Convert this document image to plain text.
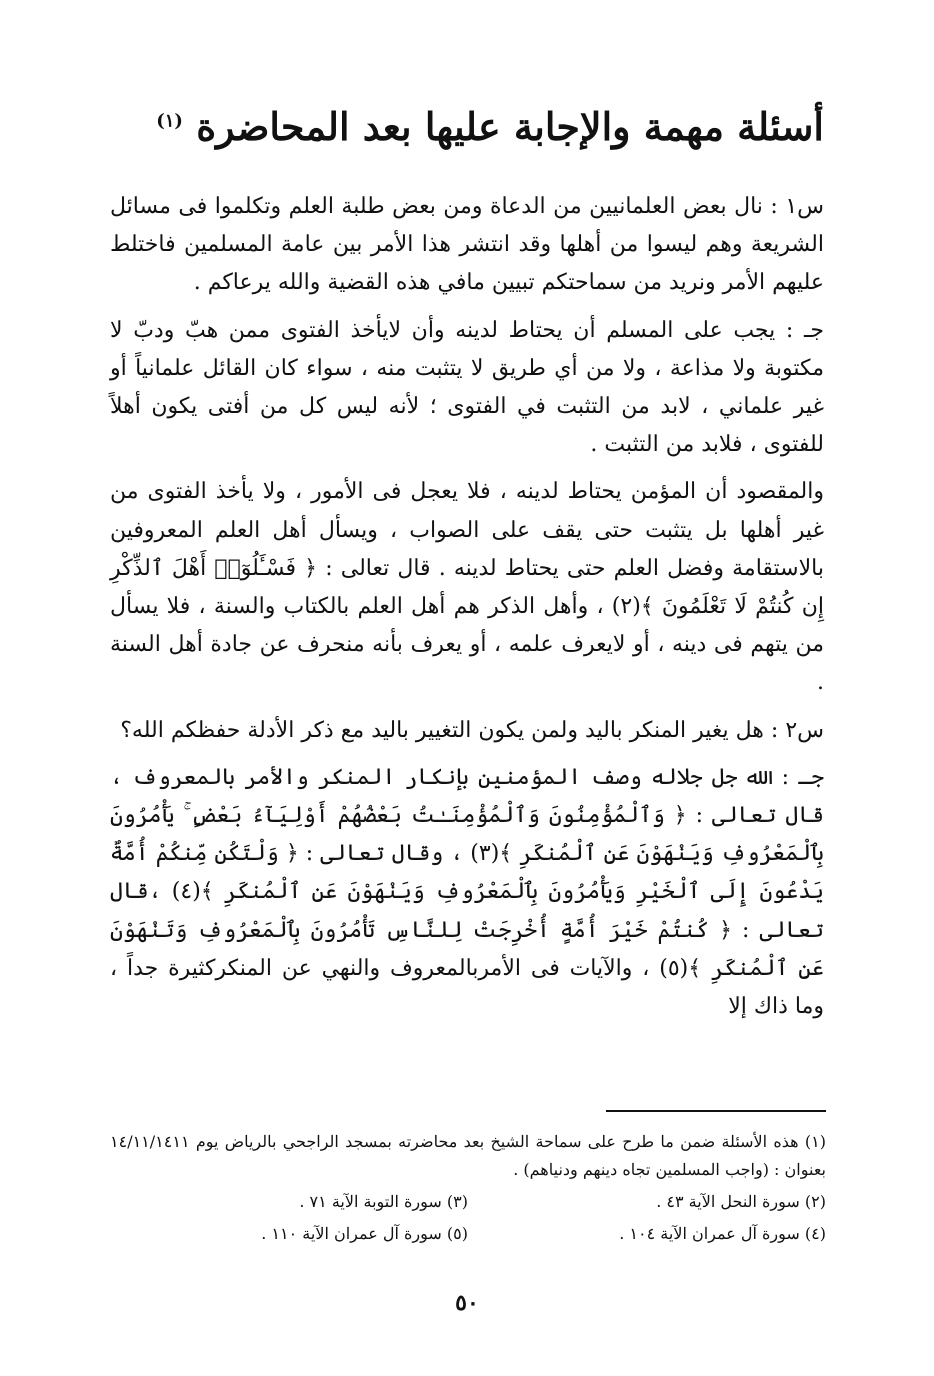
أسئلة مهمة والإجابة عليها بعد المحاضرة $^{(١)}$

س١ : نال بعض العلمانيين من الدعاة ومن بعض طلبة العلم وتكلموا فى مسائل الشريعة وهم ليسوا من أهلها وقد انتشر هذا الأمر بين عامة المسلمين فاختلط عليهم الأمر ونريد من سماحتكم تبيين مافي هذه القضية والله يرعاكم .

جـ : يجب على المسلم أن يحتاط لدينه وأن لايأخذ الفتوى ممن هبّ ودبّ لا مكتوبة ولا مذاعة ، ولا من أي طريق لا يتثبت منه ، سواء كان القائل علمانياً أو غير علماني ، لابد من التثبت في الفتوى ؛ لأنه ليس كل من أفتى يكون أهلاً للفتوى ، فلابد من التثبت .

والمقصود أن المؤمن يحتاط لدينه ، فلا يعجل فى الأمور ، ولا يأخذ الفتوى من غير أهلها بل يتثبت حتى يقف على الصواب ، ويسأل أهل العلم المعروفين بالاستقامة وفضل العلم حتى يحتاط لدينه . قال تعالى : ﴿ فَسْـَٔلُوٓا۟ أَهْلَ ٱلذِّكْرِ إِن كُنتُمْ لَا تَعْلَمُونَ ﴾(٢) ، وأهل الذكر هم أهل العلم بالكتاب والسنة ، فلا يسأل من يتهم فى دينه ، أو لايعرف علمه ، أو يعرف بأنه منحرف عن جادة أهل السنة .

س٢ : هل يغير المنكر باليد ولمن يكون التغيير باليد مع ذكر الأدلة حفظكم الله؟

جـ : الله جل جلاله وصف المؤمنين بإنكار المنكر والأمر بالمعروف ، قال تعالى : ﴿ وَٱلْمُؤْمِنُونَ وَٱلْمُؤْمِنَـٰتُ بَعْضُهُمْ أَوْلِيَآءُ بَعْضٍ ۚ يَأْمُرُونَ بِٱلْمَعْرُوفِ وَيَنْهَوْنَ عَنِ ٱلْمُنكَرِ ﴾(٣) ، وقال تعالى : ﴿ وَلْتَكُن مِّنكُمْ أُمَّةٌ يَدْعُونَ إِلَى ٱلْخَيْرِ وَيَأْمُرُونَ بِٱلْمَعْرُوفِ وَيَنْهَوْنَ عَنِ ٱلْمُنكَرِ ﴾(٤) ،قال تعالى : ﴿ كُنتُمْ خَيْرَ أُمَّةٍ أُخْرِجَتْ لِلنَّاسِ تَأْمُرُونَ بِٱلْمَعْرُوفِ وَتَنْهَوْنَ عَنِ ٱلْمُنكَرِ ﴾(٥) ، والآيات فى الأمربالمعروف والنهي عن المنكركثيرة جداً ، وما ذاك إلا

(١) هذه الأسئلة ضمن ما طرح على سماحة الشيخ بعد محاضرته بمسجد الراجحي بالرياض يوم ١٤/١١/١٤١١ بعنوان : (واجب المسلمين تجاه دينهم ودنياهم) .
(٢) سورة النحل الآية ٤٣ .
(٣) سورة التوبة الآية ٧١ .
(٤) سورة آل عمران الآية ١٠٤ .
(٥) سورة آل عمران الآية ١١٠ .
٥٠
